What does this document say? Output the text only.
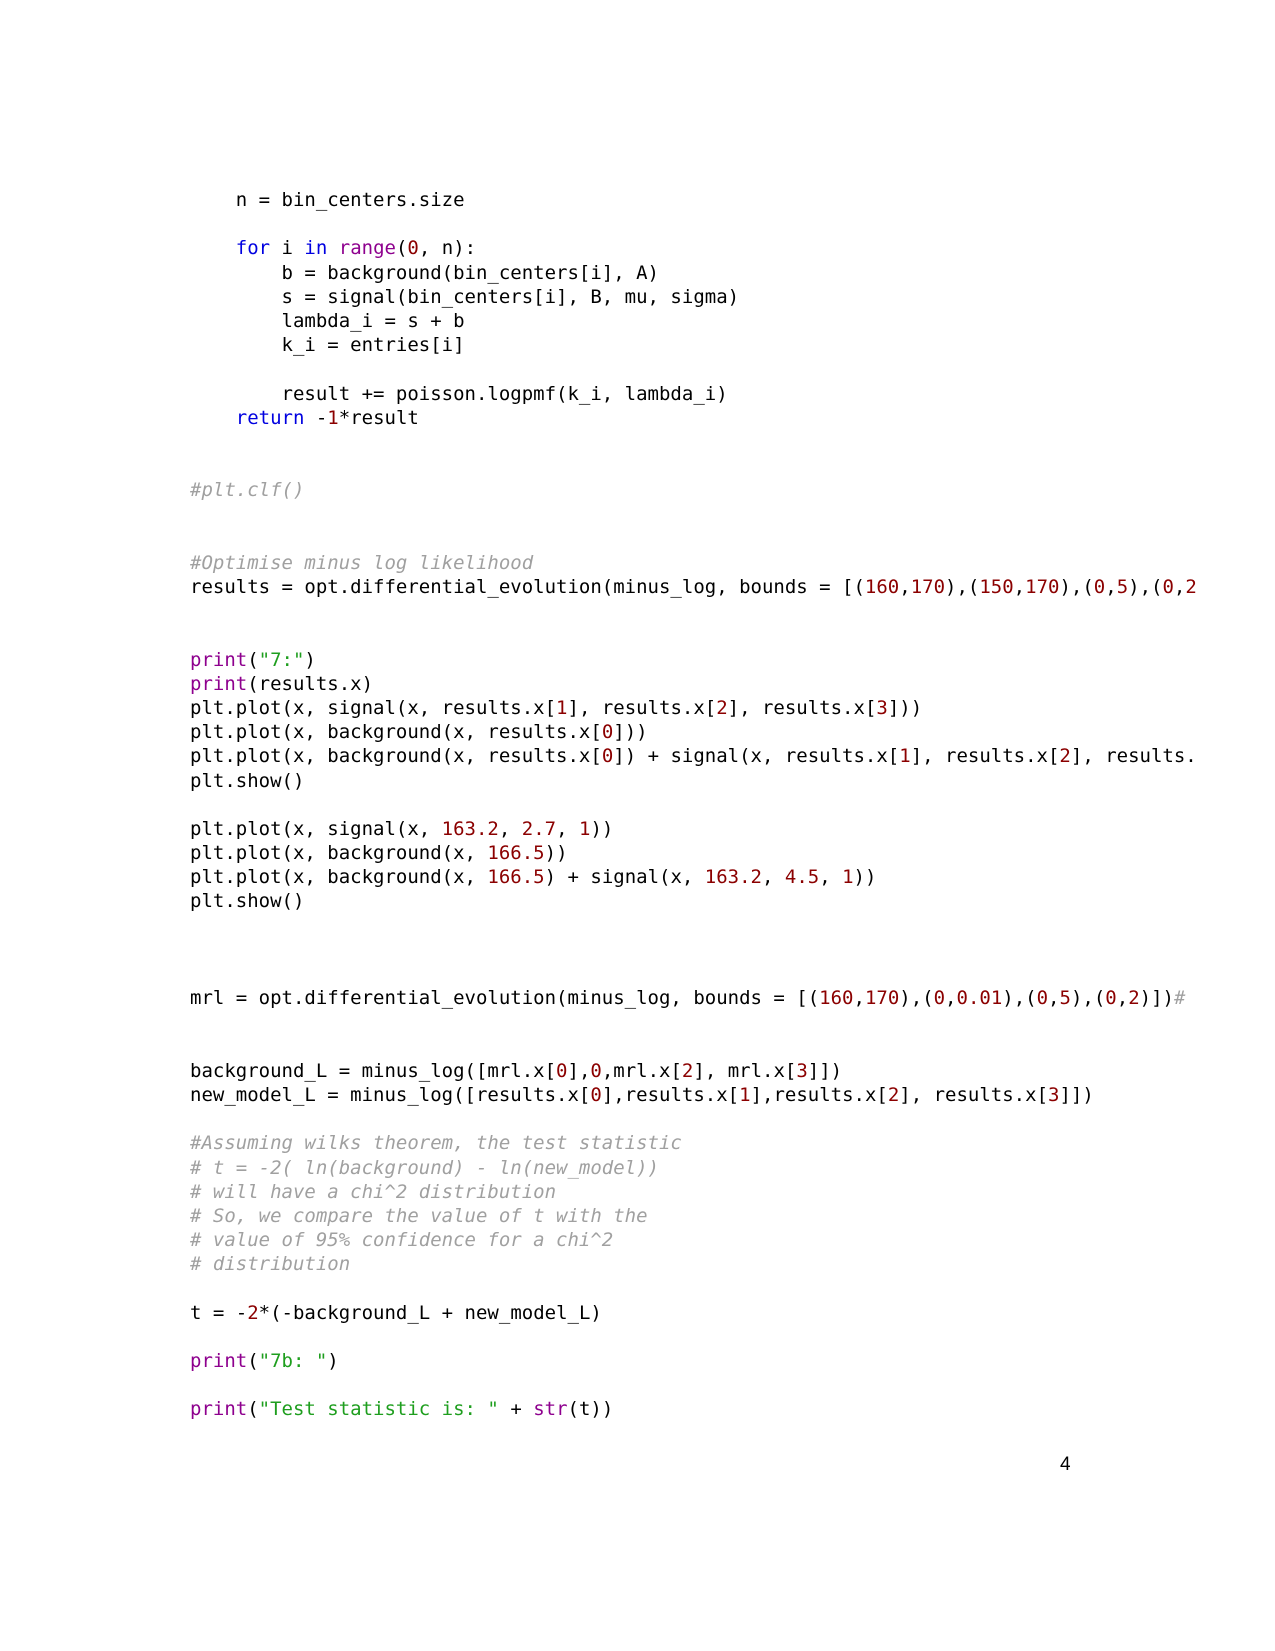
n = bin_centers.size
for i in range(0, n):
b = background(bin_centers[i], A)
s = signal(bin_centers[i], B, mu, sigma)
lambda_i = s + b
k_i = entries[i]
result += poisson.logpmf(k_i, lambda_i)
return -1*result
#plt.clf()
#Optimise minus log likelihood
results = opt.differential_evolution(minus_log, bounds = [(160,170),(150,170),(0,5),(0,2
print("7:")
print(results.x)
plt.plot(x, signal(x, results.x[1], results.x[2], results.x[3]))
plt.plot(x, background(x, results.x[0]))
plt.plot(x, background(x, results.x[0]) + signal(x, results.x[1], results.x[2], results.
plt.show()
plt.plot(x, signal(x, 163.2, 2.7, 1))
plt.plot(x, background(x, 166.5))
plt.plot(x, background(x, 166.5) + signal(x, 163.2, 4.5, 1))
plt.show()
mrl = opt.differential_evolution(minus_log, bounds = [(160,170),(0,0.01),(0,5),(0,2)])#
background_L = minus_log([mrl.x[0],0,mrl.x[2], mrl.x[3]])
new_model_L = minus_log([results.x[0],results.x[1],results.x[2], results.x[3]])
#Assuming wilks theorem, the test statistic
# t = -2( ln(background) - ln(new_model))
# will have a chi^2 distribution
# So, we compare the value of t with the
# value of 95% confidence for a chi^2
# distribution
t = -2*(-background_L + new_model_L)
print("7b: ")
print("Test statistic is: " + str(t))
4
